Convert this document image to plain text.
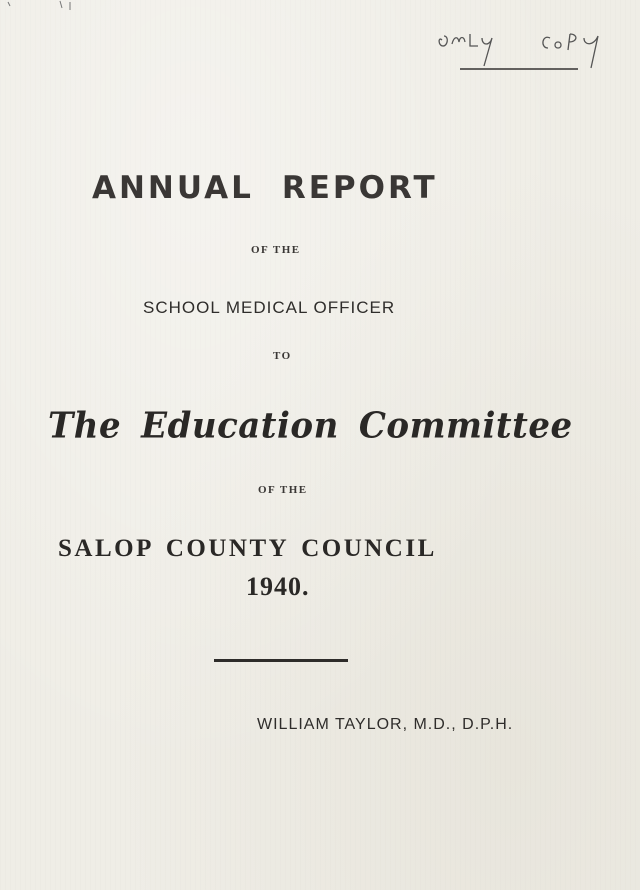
ANNUAL REPORT
OF THE
SCHOOL MEDICAL OFFICER
TO
The Education Committee
OF THE
SALOP COUNTY COUNCIL
1940.
WILLIAM TAYLOR, M.D., D.P.H.
